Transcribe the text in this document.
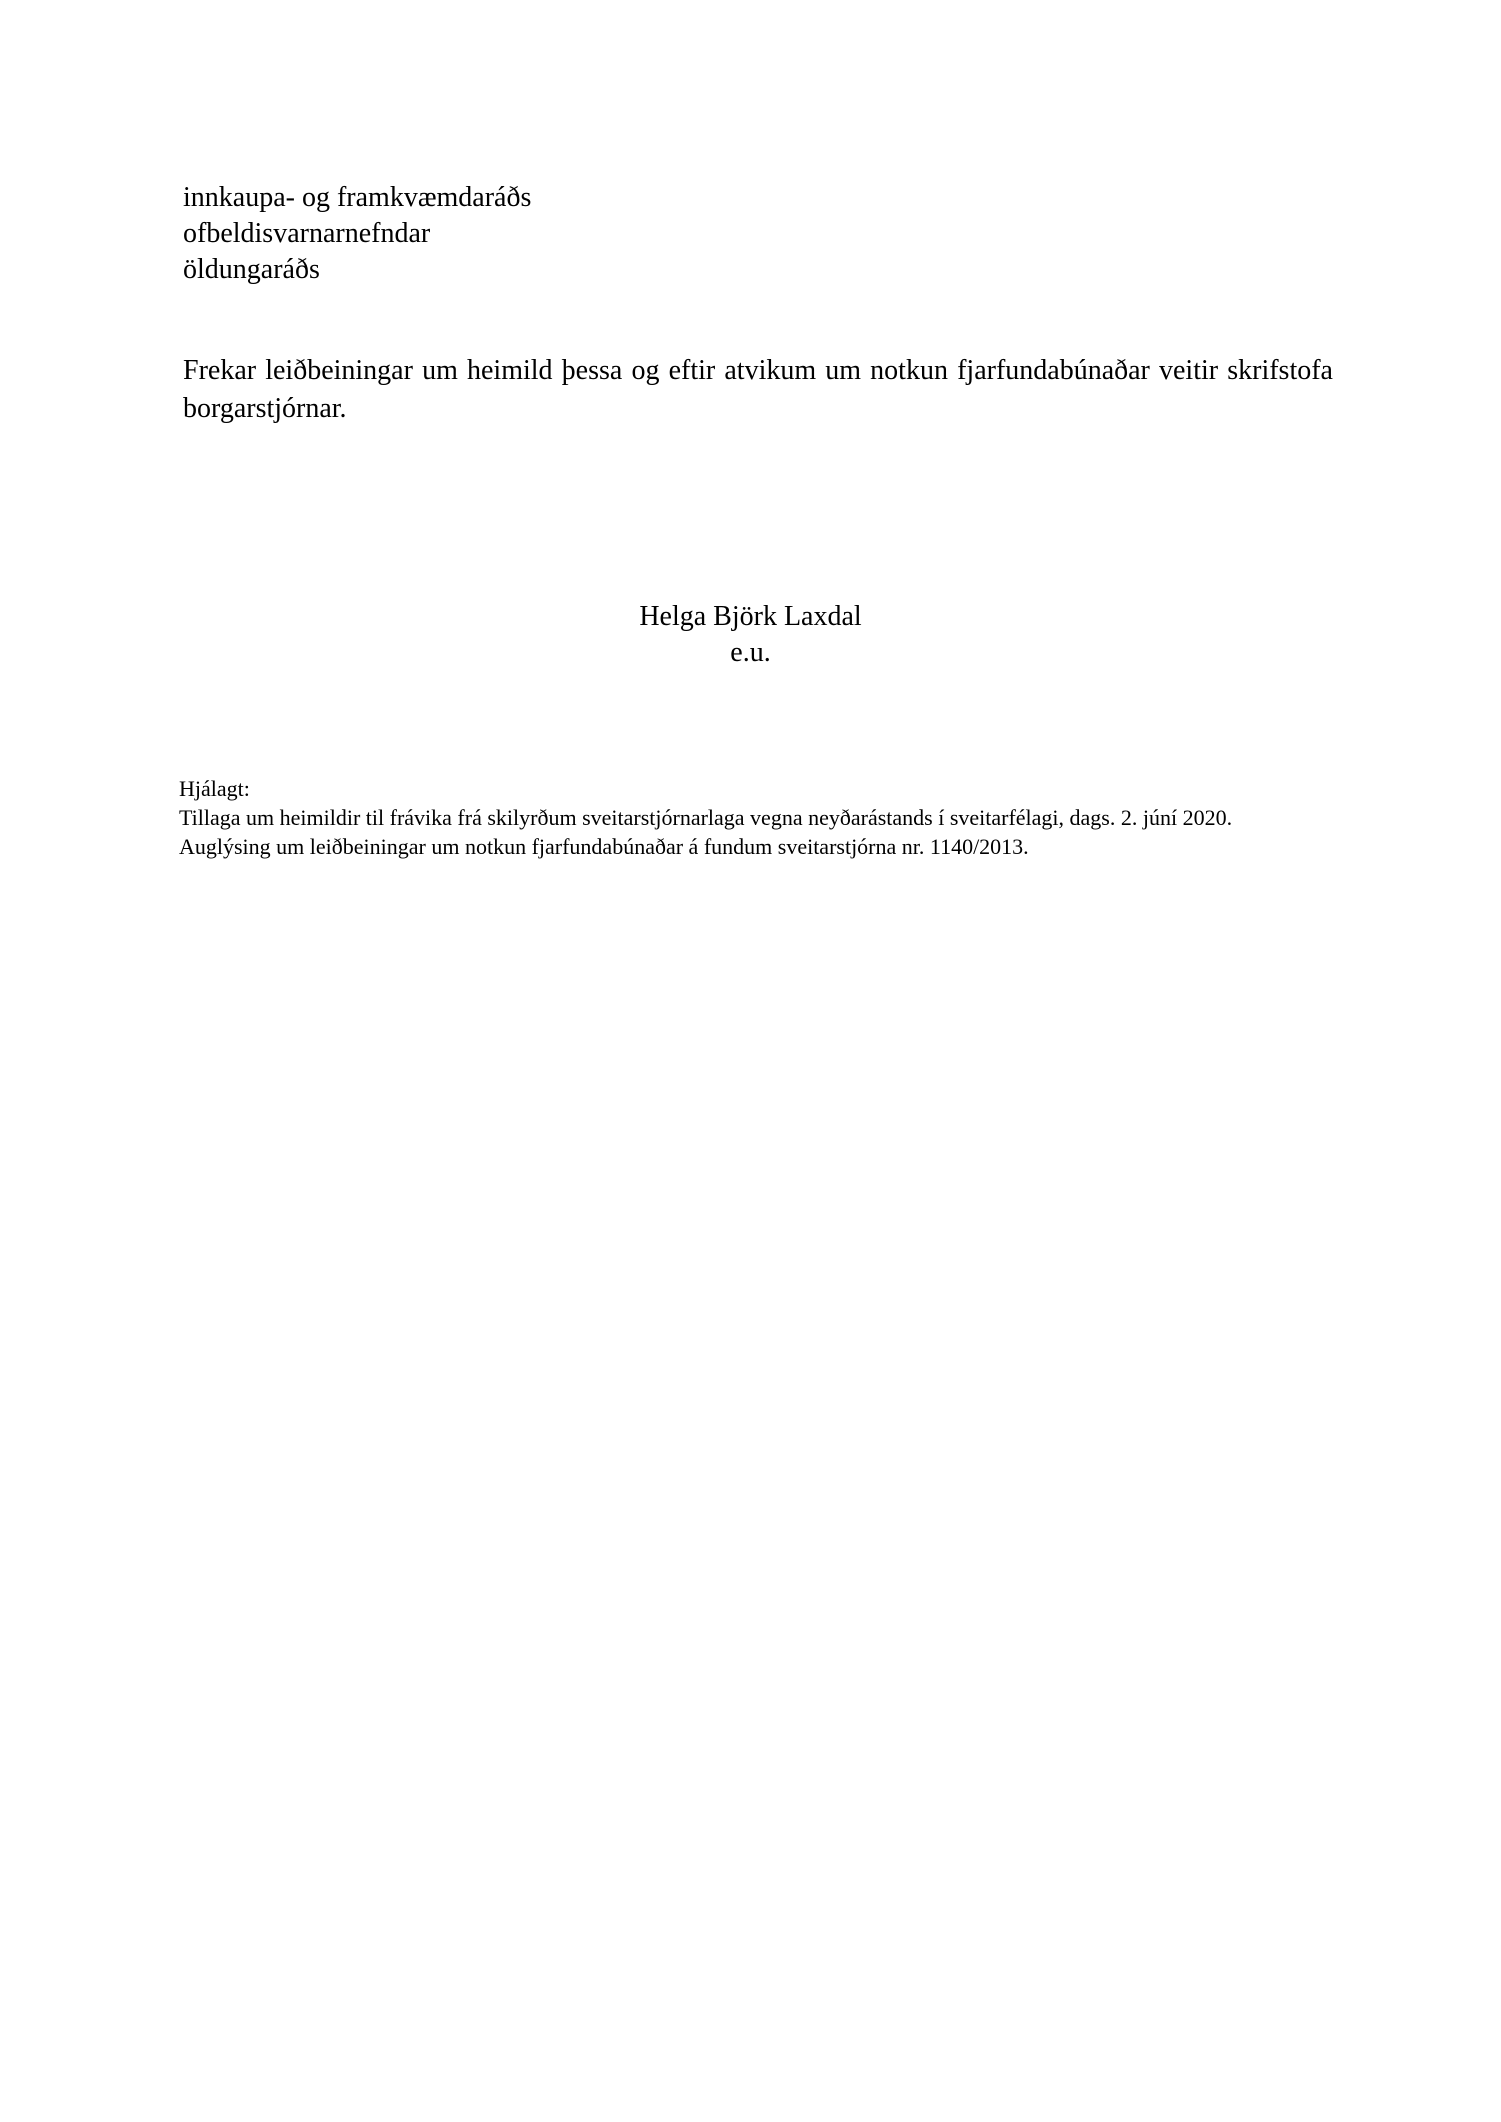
innkaupa- og framkvæmdaráðs
ofbeldisvarnarnefndar
öldungaráðs

Frekar leiðbeiningar um heimild þessa og eftir atvikum um notkun fjarfundabúnaðar veitir skrifstofa borgarstjórnar.

Helga Björk Laxdal
e.u.
Hjálagt:
Tillaga um heimildir til frávika frá skilyrðum sveitarstjórnarlaga vegna neyðarástands í sveitarfélagi, dags. 2. júní 2020.
Auglýsing um leiðbeiningar um notkun fjarfundabúnaðar á fundum sveitarstjórna nr. 1140/2013.
